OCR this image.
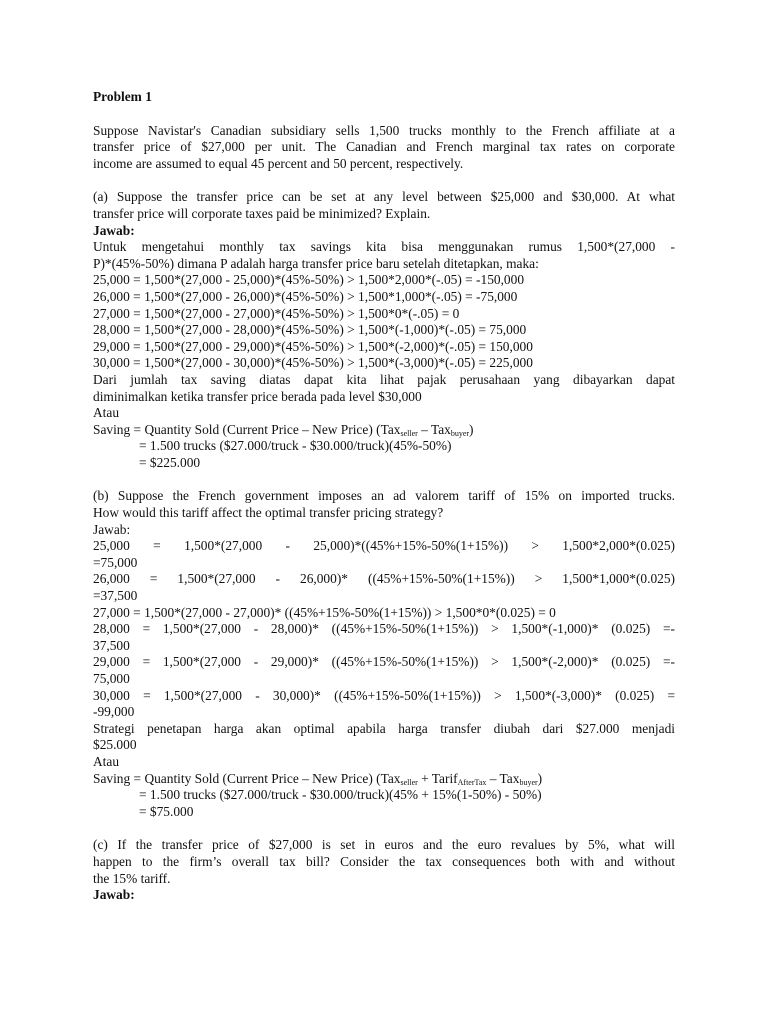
Problem 1
Suppose Navistar's Canadian subsidiary sells 1,500 trucks monthly to the French affiliate at a
transfer price of $27,000 per unit. The Canadian and French marginal tax rates on corporate
income are assumed to equal 45 percent and 50 percent, respectively.
(a) Suppose the transfer price can be set at any level between $25,000 and $30,000. At what
transfer price will corporate taxes paid be minimized? Explain.
Jawab:
Untuk mengetahui monthly tax savings kita bisa menggunakan rumus 1,500*(27,000 -
P)*(45%-50%) dimana P adalah harga transfer price baru setelah ditetapkan, maka:
25,000 = 1,500*(27,000 - 25,000)*(45%-50%) > 1,500*2,000*(-.05) = -150,000
26,000 = 1,500*(27,000 - 26,000)*(45%-50%) > 1,500*1,000*(-.05) = -75,000
27,000 = 1,500*(27,000 - 27,000)*(45%-50%) > 1,500*0*(-.05) = 0
28,000 = 1,500*(27,000 - 28,000)*(45%-50%) > 1,500*(-1,000)*(-.05) = 75,000
29,000 = 1,500*(27,000 - 29,000)*(45%-50%) > 1,500*(-2,000)*(-.05) = 150,000
30,000 = 1,500*(27,000 - 30,000)*(45%-50%) > 1,500*(-3,000)*(-.05) = 225,000
Dari jumlah tax saving diatas dapat kita lihat pajak perusahaan yang dibayarkan dapat
diminimalkan ketika transfer price berada pada level $30,000
Atau
Saving = Quantity Sold (Current Price – New Price) (Tax$_{seller}$ – Tax$_{buyer}$)
= 1.500 trucks ($27.000/truck - $30.000/truck)(45%-50%)
= $225.000
(b) Suppose the French government imposes an ad valorem tariff of 15% on imported trucks.
How would this tariff affect the optimal transfer pricing strategy?
Jawab:
25,000 = 1,500*(27,000 - 25,000)*((45%+15%-50%(1+15%)) > 1,500*2,000*(0.025)
=75,000
26,000 = 1,500*(27,000 - 26,000)* ((45%+15%-50%(1+15%)) > 1,500*1,000*(0.025)
=37,500
27,000 = 1,500*(27,000 - 27,000)* ((45%+15%-50%(1+15%)) > 1,500*0*(0.025) = 0
28,000 = 1,500*(27,000 - 28,000)* ((45%+15%-50%(1+15%)) > 1,500*(-1,000)* (0.025) =-
37,500
29,000 = 1,500*(27,000 - 29,000)* ((45%+15%-50%(1+15%)) > 1,500*(-2,000)* (0.025) =-
75,000
30,000 = 1,500*(27,000 - 30,000)* ((45%+15%-50%(1+15%)) > 1,500*(-3,000)* (0.025) =
-99,000
Strategi penetapan harga akan optimal apabila harga transfer diubah dari $27.000 menjadi
$25.000
Atau
Saving = Quantity Sold (Current Price – New Price) (Tax$_{seller}$ + Tarif$_{AfterTax}$ – Tax$_{buyer}$)
= 1.500 trucks ($27.000/truck - $30.000/truck)(45% + 15%(1-50%) - 50%)
= $75.000
(c) If the transfer price of $27,000 is set in euros and the euro revalues by 5%, what will
happen to the firm’s overall tax bill? Consider the tax consequences both with and without
the 15% tariff.
Jawab:
